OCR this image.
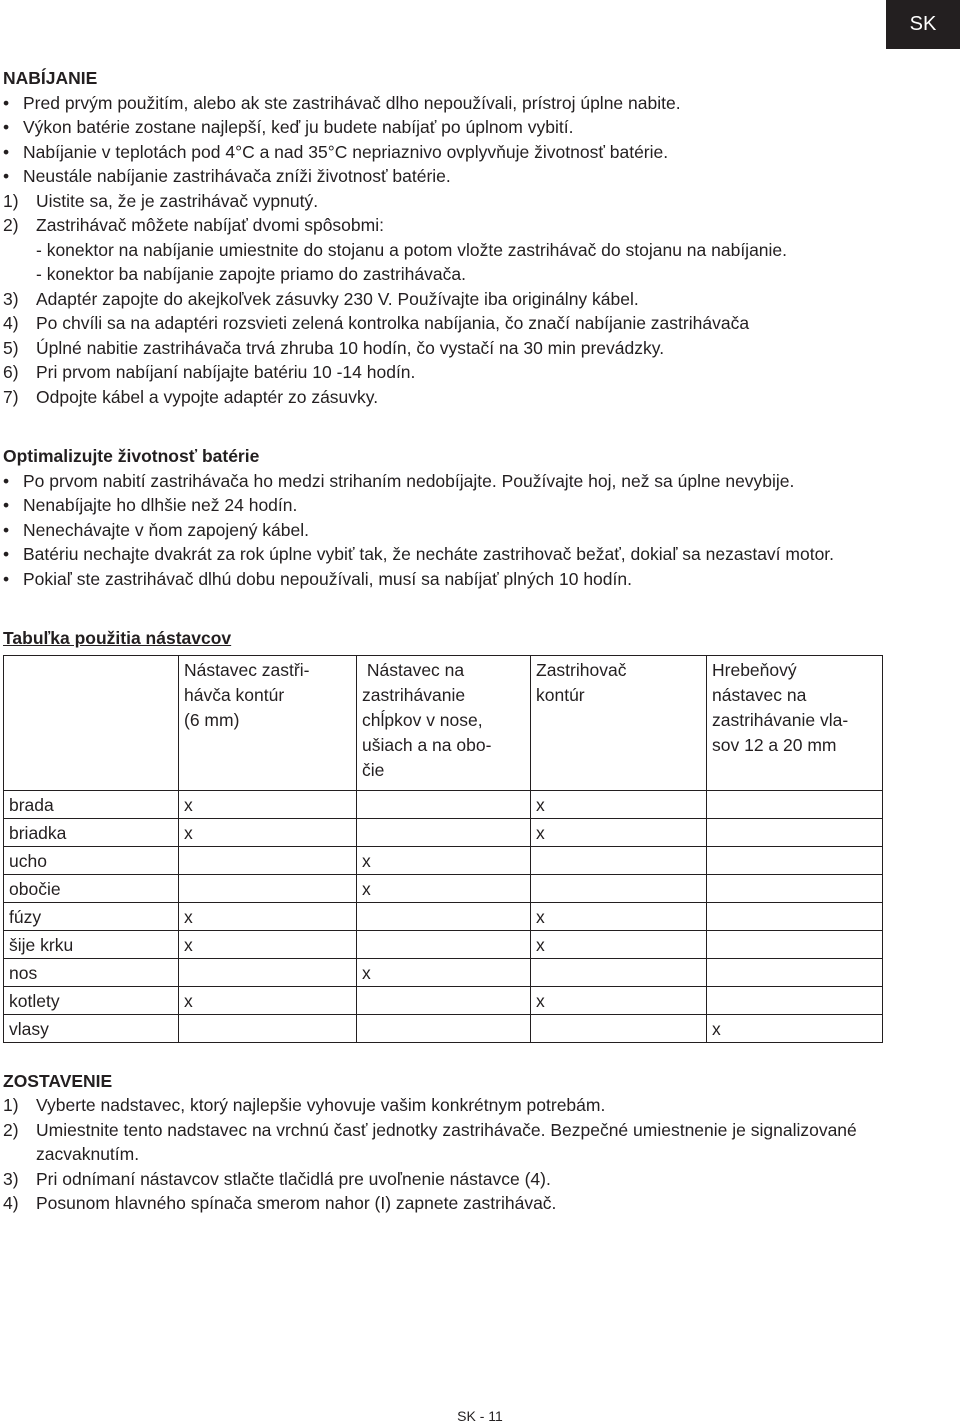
SK
NABÍJANIE
• Pred prvým použitím, alebo ak ste zastrihávač dlho nepoužívali, prístroj úplne nabite.
• Výkon batérie zostane najlepší, keď ju budete nabíjať po úplnom vybití.
• Nabíjanie v teplotách pod 4°C a nad 35°C nepriaznivo ovplyvňuje životnosť batérie.
• Neustále nabíjanie zastrihávača zníži životnosť batérie.
1) Uistite sa, že je zastrihávač vypnutý.
2) Zastrihávač môžete nabíjať dvomi spôsobmi:
- konektor na nabíjanie umiestnite do stojanu a potom vložte zastrihávač do stojanu na nabíjanie.
- konektor ba nabíjanie zapojte priamo do zastrihávača.
3) Adaptér zapojte do akejkoľvek zásuvky 230 V. Používajte iba originálny kábel.
4) Po chvíli sa na adaptéri rozsvieti zelená kontrolka nabíjania, čo značí nabíjanie zastrihávača
5) Úplné nabitie zastrihávača trvá zhruba 10 hodín, čo vystačí na 30 min prevádzky.
6) Pri prvom nabíjaní nabíjajte batériu 10 -14 hodín.
7) Odpojte kábel a vypojte adaptér zo zásuvky.
Optimalizujte životnosť batérie
• Po prvom nabití zastrihávača ho medzi strihaním nedobíjajte. Používajte hoj, než sa úplne nevybije.
• Nenabíjajte ho dlhšie než 24 hodín.
• Nenechávajte v ňom zapojený kábel.
• Batériu nechajte dvakrát za rok úplne vybiť tak, že necháte zastrihovač bežať, dokiaľ sa nezastaví motor.
• Pokiaľ ste zastrihávač dlhú dobu nepoužívali, musí sa nabíjať plných 10 hodín.
Tabuľka použitia nástavcov
	Nástavec zastři-
hávča kontúr
(6 mm)	Nástavec na
zastrihávanie
chĺpkov v nose,
ušiach a na obo-
čie	Zastrihovač
kontúr	Hrebeňový
nástavec na
zastrihávanie vla-
sov 12 a 20 mm
brada	x		x	
briadka	x		x	
ucho		x		
obočie		x		
fúzy	x		x	
šije krku	x		x	
nos		x		
kotlety	x		x	
vlasy				x
ZOSTAVENIE
1) Vyberte nadstavec, ktorý najlepšie vyhovuje vašim konkrétnym potrebám.
2) Umiestnite tento nadstavec na vrchnú časť jednotky zastrihávače. Bezpečné umiestnenie je signalizované zacvaknutím.
3) Pri odnímaní nástavcov stlačte tlačidlá pre uvoľnenie nástavce (4).
4) Posunom hlavného spínača smerom nahor (I) zapnete zastrihávač.
SK - 11
